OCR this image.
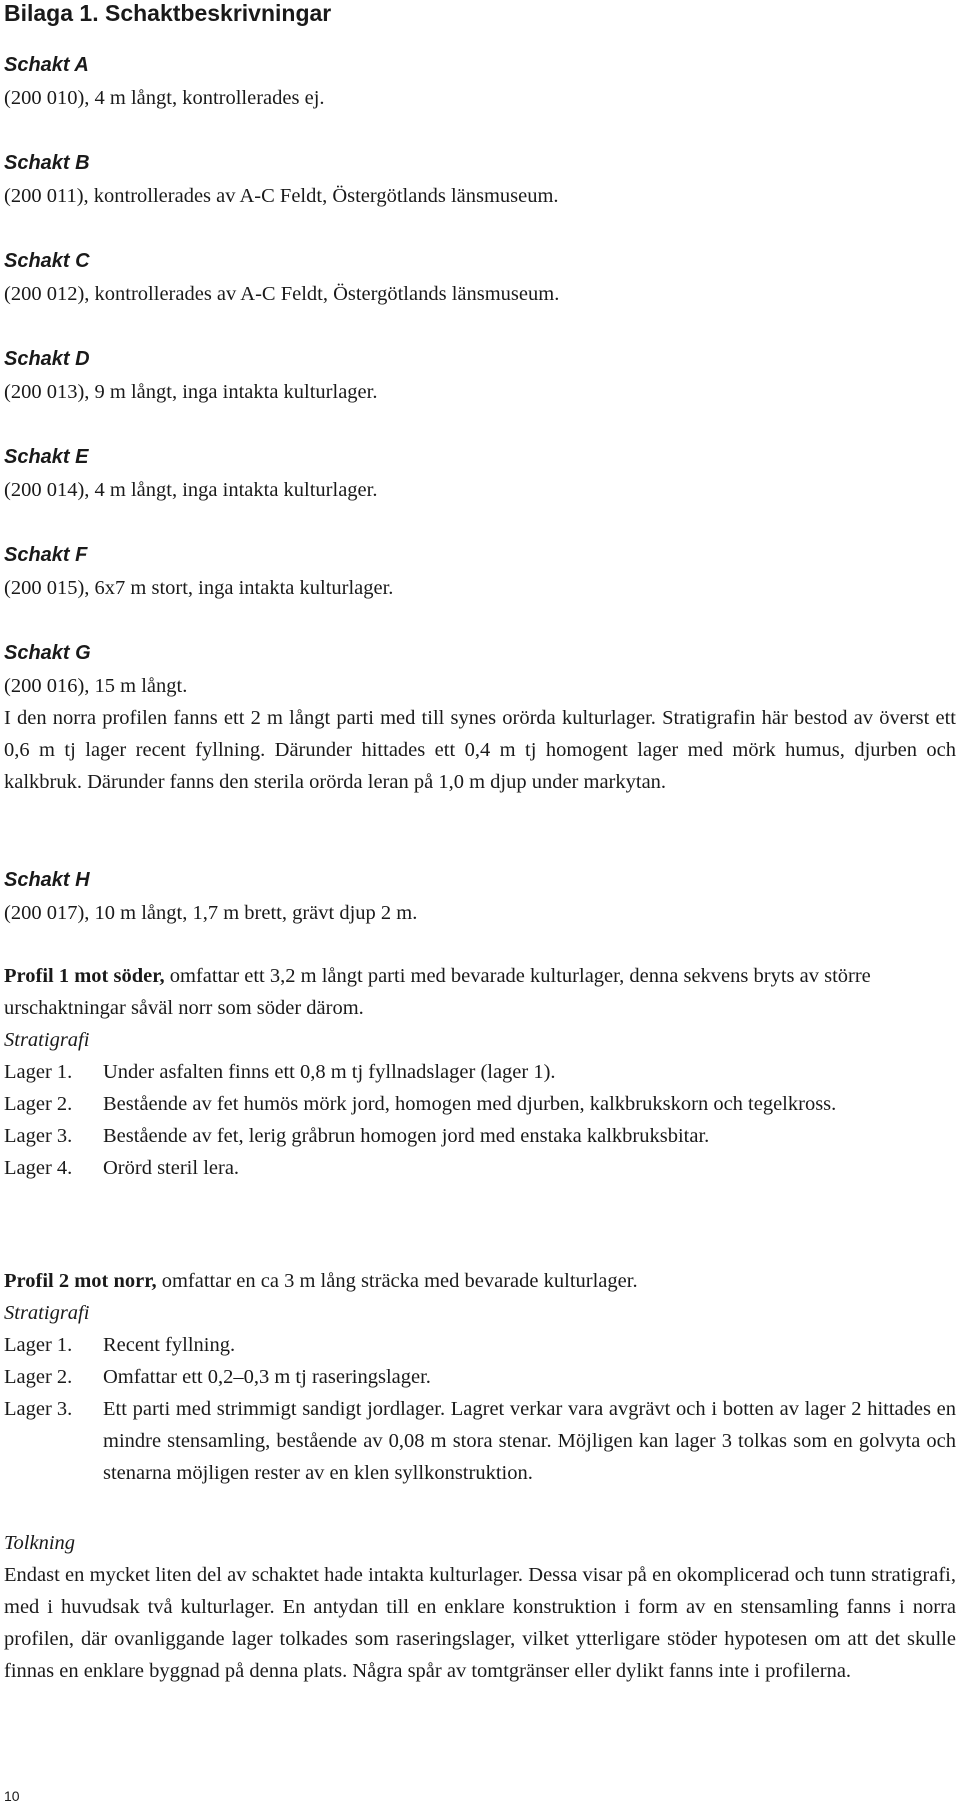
Bilaga 1. Schaktbeskrivningar
Schakt A

(200 010), 4 m långt, kontrollerades ej.

Schakt B

(200 011), kontrollerades av A-C Feldt, Östergötlands länsmuseum.

Schakt C

(200 012), kontrollerades av A-C Feldt, Östergötlands länsmuseum.

Schakt D

(200 013), 9 m långt, inga intakta kulturlager.

Schakt E

(200 014), 4 m långt, inga intakta kulturlager.

Schakt F

(200 015), 6x7 m stort, inga intakta kulturlager.

Schakt G

(200 016), 15 m långt.

I den norra profilen fanns ett 2 m långt parti med till synes orörda kulturlager. Stratigrafin här bestod av överst ett 0,6 m tj lager recent fyllning. Därunder hittades ett 0,4 m tj homogent lager med mörk humus, djurben och kalkbruk. Därunder fanns den sterila orörda leran på 1,0 m djup under markytan.

Schakt H

(200 017), 10 m långt, 1,7 m brett, grävt djup 2 m.

Profil 1 mot söder, omfattar ett 3,2 m långt parti med bevarade kulturlager, denna sekvens bryts av större urschaktningar såväl norr som söder därom.

Stratigrafi

Lager 1.	Under asfalten finns ett 0,8 m tj fyllnadslager (lager 1).
Lager 2.	Bestående av fet humös mörk jord, homogen med djurben, kalkbrukskorn och tegelkross.
Lager 3.	Bestående av fet, lerig gråbrun homogen jord med enstaka kalkbruksbitar.
Lager 4.	Orörd steril lera.

Profil 2 mot norr, omfattar en ca 3 m lång sträcka med bevarade kulturlager.

Stratigrafi

Lager 1.	Recent fyllning.
Lager 2.	Omfattar ett 0,2–0,3 m tj raseringslager.
Lager 3.	Ett parti med strimmigt sandigt jordlager. Lagret verkar vara avgrävt och i botten av lager 2 hittades en mindre stensamling, bestående av 0,08 m stora stenar. Möjligen kan lager 3 tolkas som en golvyta och stenarna möjligen rester av en klen syllkonstruktion.

Tolkning

Endast en mycket liten del av schaktet hade intakta kulturlager. Dessa visar på en okomplicerad och tunn stratigrafi, med i huvudsak två kulturlager. En antydan till en enklare konstruktion i form av en stensamling fanns i norra profilen, där ovanliggande lager tolkades som raseringslager, vilket ytterligare stöder hypotesen om att det skulle finnas en enklare byggnad på denna plats. Några spår av tomtgränser eller dylikt fanns inte i profilerna.

10
